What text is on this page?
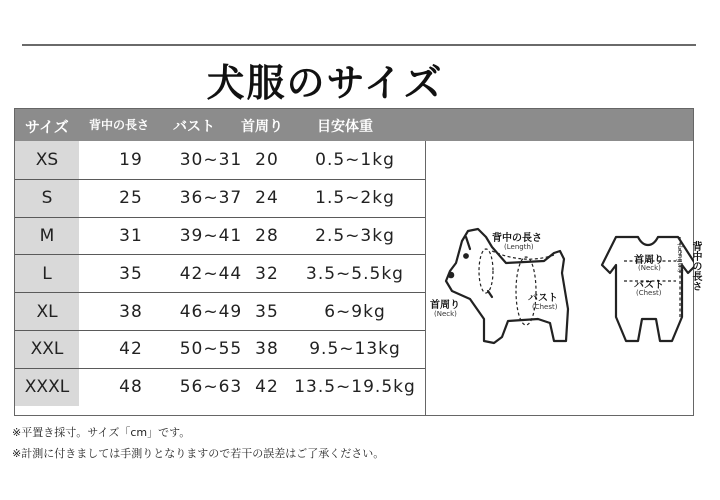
犬服のサイズ
サイズ 背中の長さ バスト 首周り 目安体重
XS	19	30~31 20	0.5~1kg
S	25	36~37 24	1.5~2kg
M	31	39~41 28	2.5~3kg
L	35	42~44 32	3.5~5.5kg
XL	38	46~49 35	6~9kg
XXL	42	50~55 38	9.5~13kg
XXXL	48	56~63 42 13.5~19.5kg
背中の長さ
(Length)
首周り
(Neck)
バスト
(Chest)
首周り
(Neck)
バスト
(Chest)
背中の長さ
(Length)
※平置き採寸。サイズ「cm」です。
※計測に付きましては手測りとなりますので若干の誤差はご了承ください。
